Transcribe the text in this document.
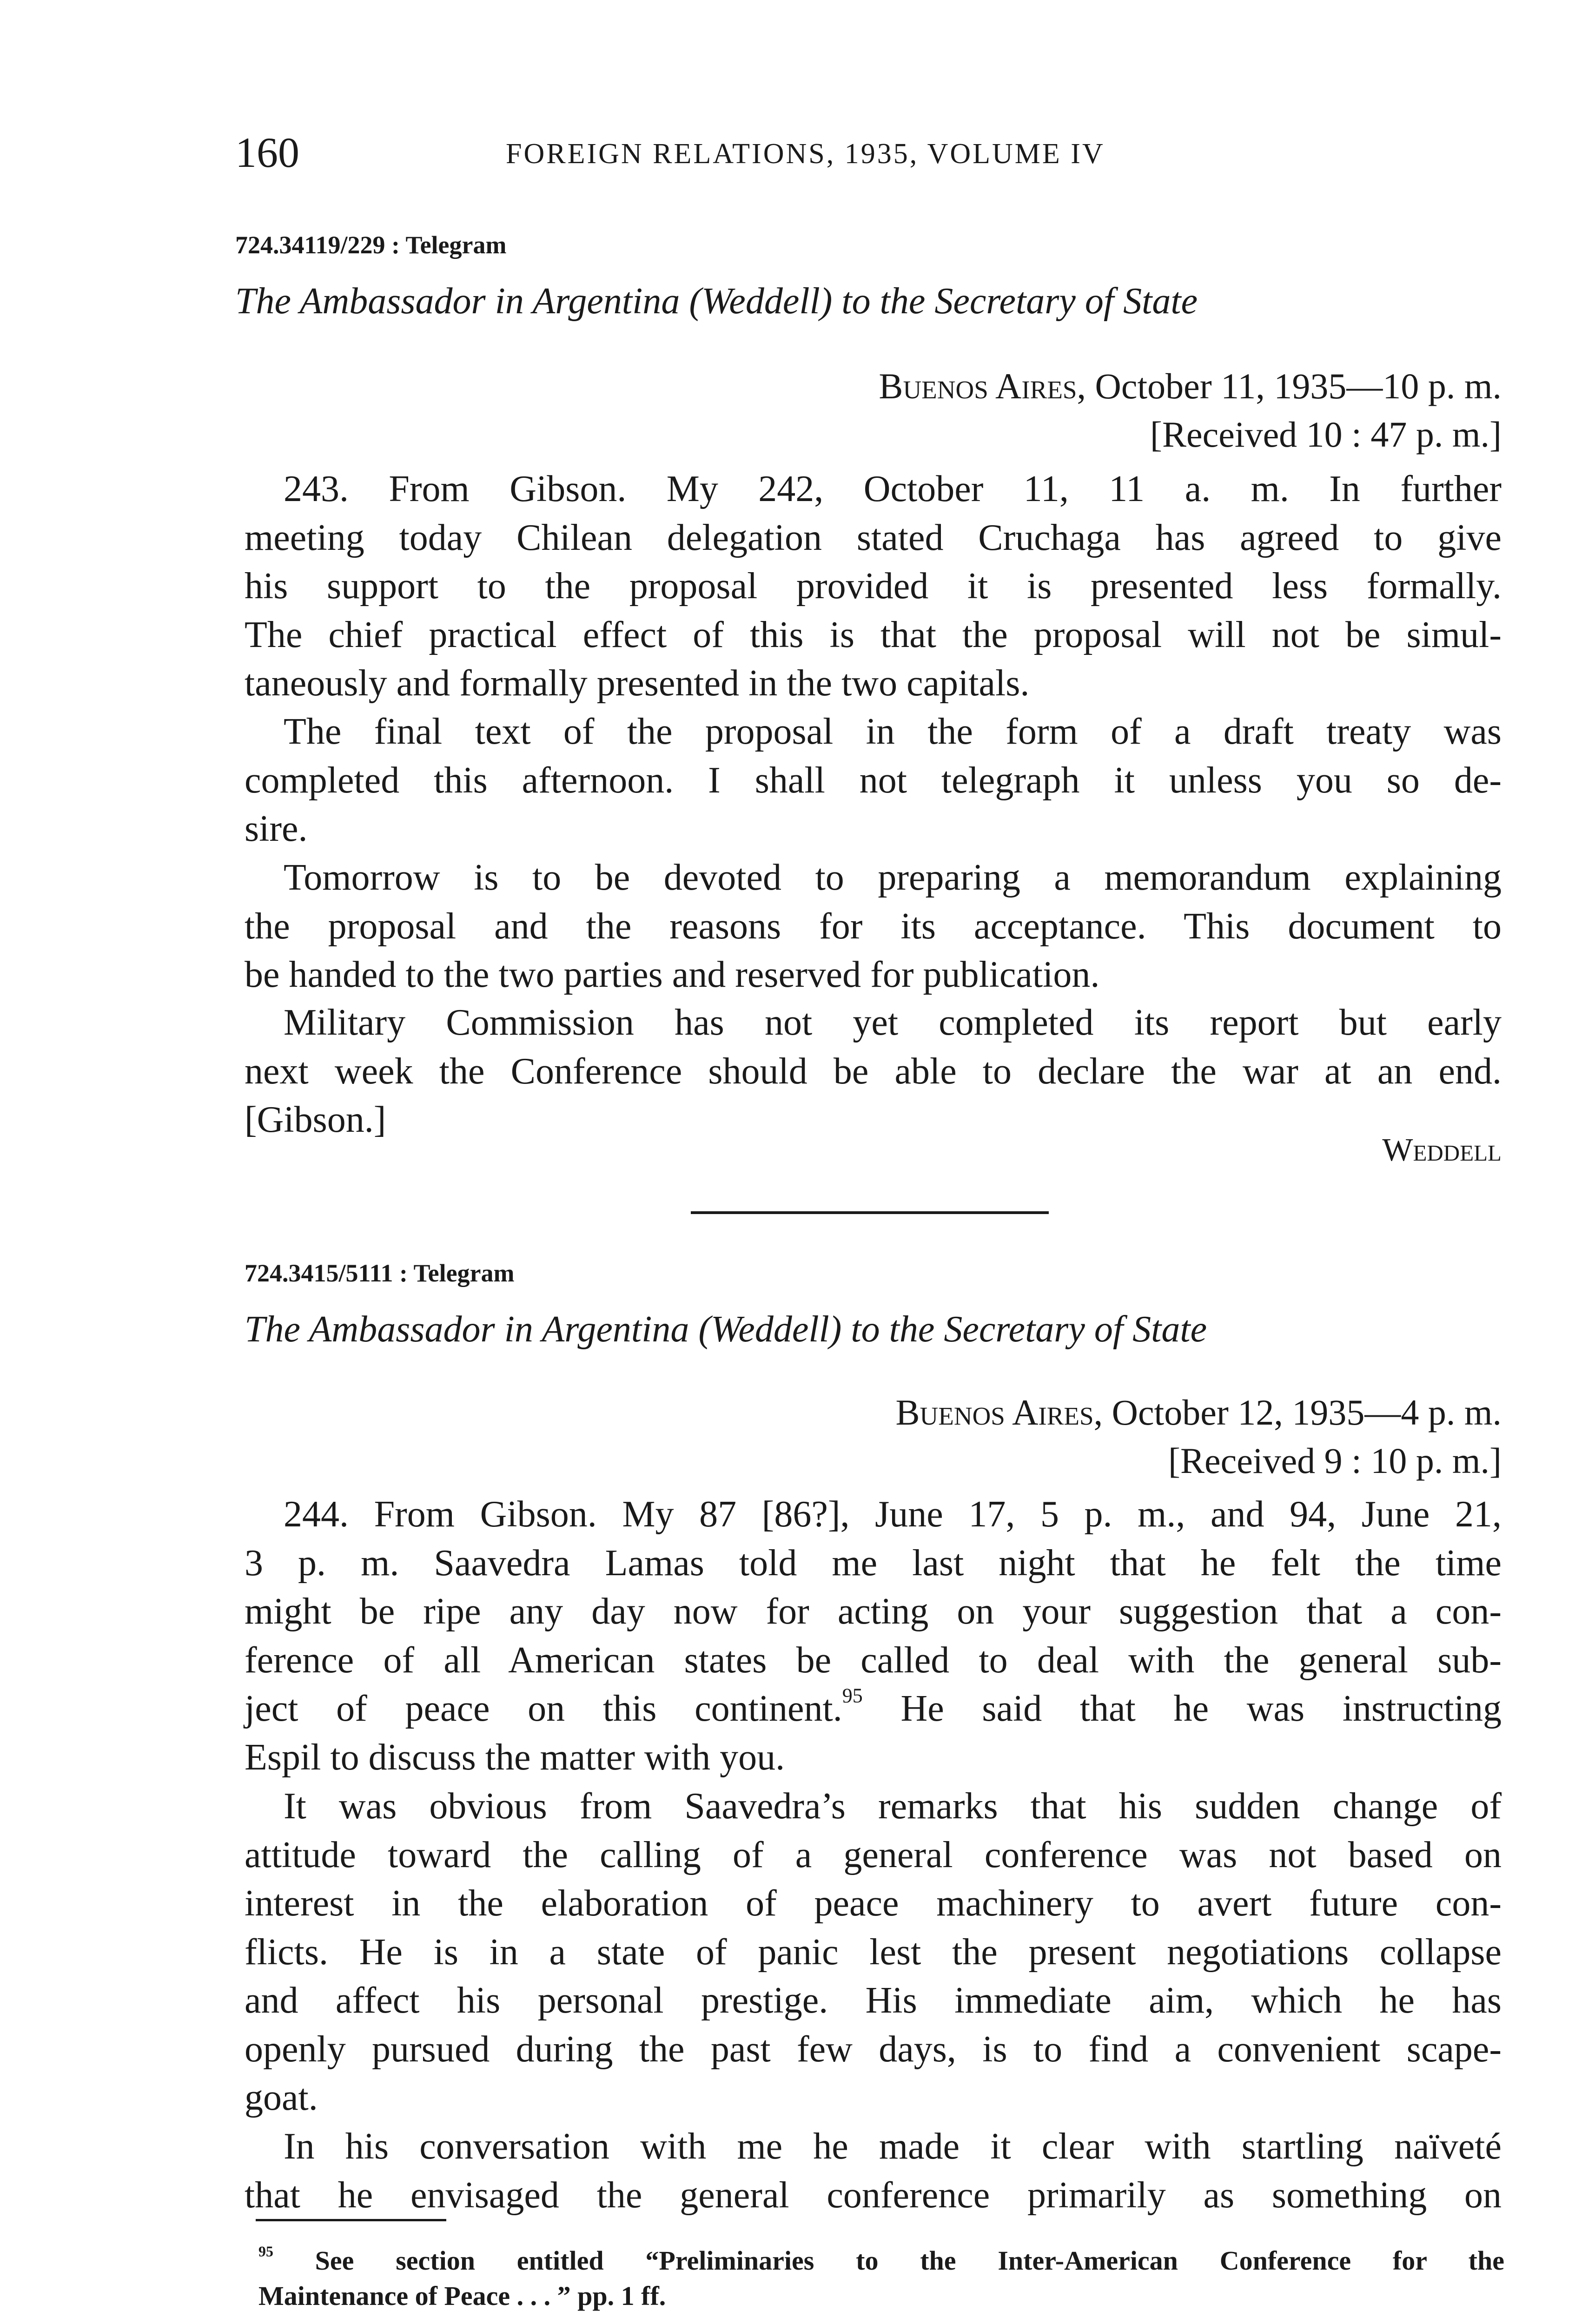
160	FOREIGN RELATIONS, 1935, VOLUME IV
724.34119/229 : Telegram
The Ambassador in Argentina (Weddell) to the Secretary of State
Buenos Aires, October 11, 1935—10 p. m.
[Received 10 : 47 p. m.]
243. From Gibson. My 242, October 11, 11 a. m. In further
meeting today Chilean delegation stated Cruchaga has agreed to give
his support to the proposal provided it is presented less formally.
The chief practical effect of this is that the proposal will not be simul-
taneously and formally presented in the two capitals.
The final text of the proposal in the form of a draft treaty was
completed this afternoon. I shall not telegraph it unless you so de-
sire.
Tomorrow is to be devoted to preparing a memorandum explaining
the proposal and the reasons for its acceptance. This document to
be handed to the two parties and reserved for publication.
Military Commission has not yet completed its report but early
next week the Conference should be able to declare the war at an end.
[Gibson.]
Weddell
724.3415/5111 : Telegram
The Ambassador in Argentina (Weddell) to the Secretary of State
Buenos Aires, October 12, 1935—4 p. m.
[Received 9 : 10 p. m.]
244. From Gibson. My 87 [86?], June 17, 5 p. m., and 94, June 21,
3 p. m. Saavedra Lamas told me last night that he felt the time
might be ripe any day now for acting on your suggestion that a con-
ference of all American states be called to deal with the general sub-
ject of peace on this continent.$^{95}$ He said that he was instructing
Espil to discuss the matter with you.
It was obvious from Saavedra’s remarks that his sudden change of
attitude toward the calling of a general conference was not based on
interest in the elaboration of peace machinery to avert future con-
flicts. He is in a state of panic lest the present negotiations collapse
and affect his personal prestige. His immediate aim, which he has
openly pursued during the past few days, is to find a convenient scape-
goat.
In his conversation with me he made it clear with startling naïveté
that he envisaged the general conference primarily as something on
$^{95}$ See section entitled “Preliminaries to the Inter-American Conference for the
Maintenance of Peace . . . ” pp. 1 ff.
